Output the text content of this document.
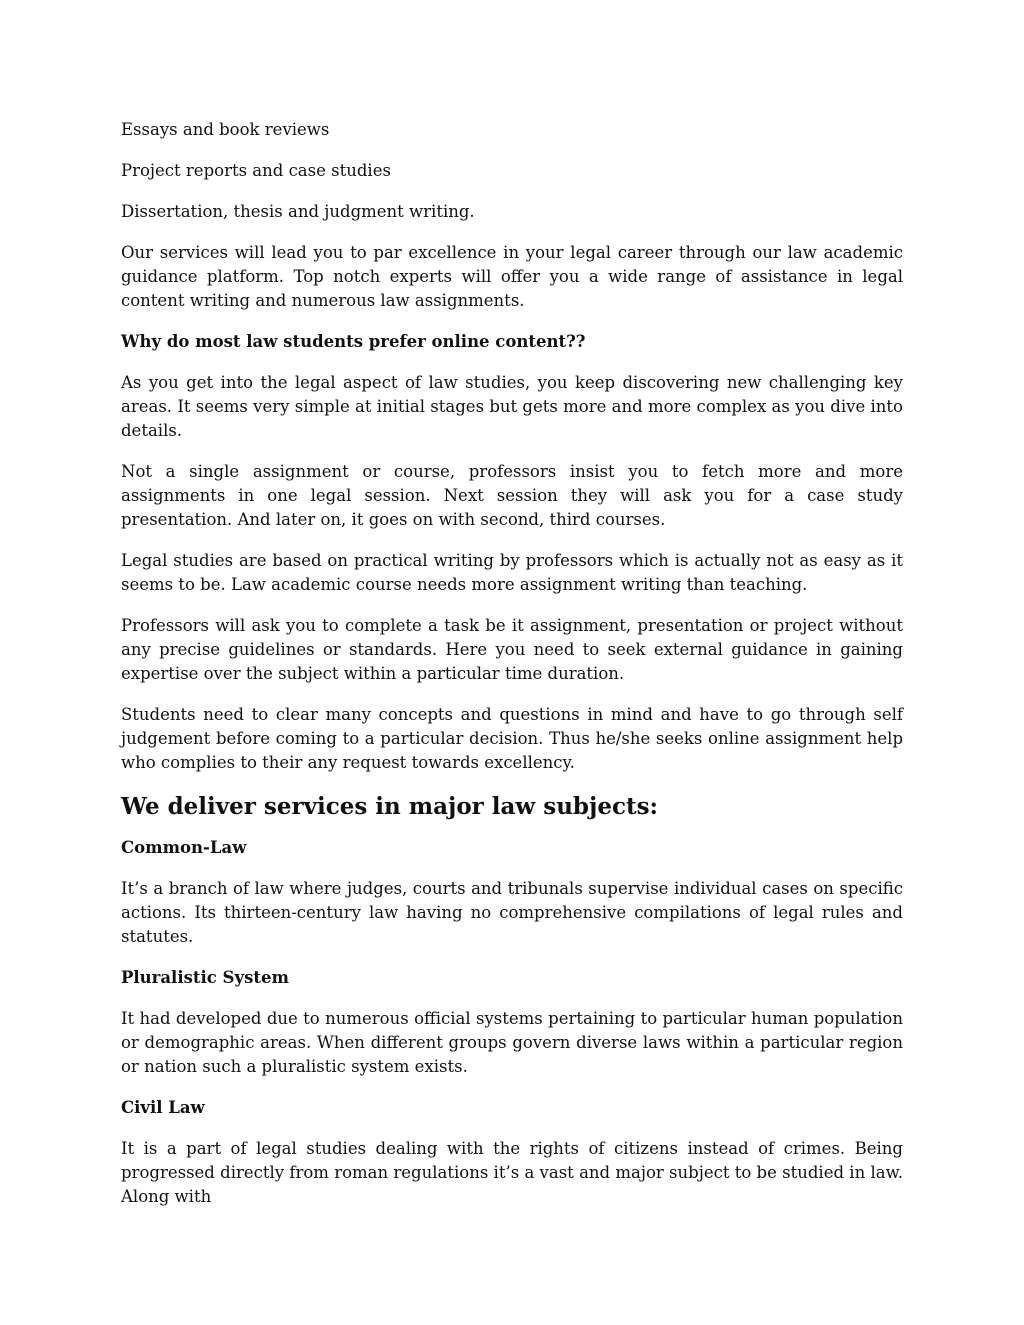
Essays and book reviews

Project reports and case studies

Dissertation, thesis and judgment writing.

Our services will lead you to par excellence in your legal career through our law academic guidance platform. Top notch experts will offer you a wide range of assistance in legal content writing and numerous law assignments.

Why do most law students prefer online content??

As you get into the legal aspect of law studies, you keep discovering new challenging key areas. It seems very simple at initial stages but gets more and more complex as you dive into details.

Not a single assignment or course, professors insist you to fetch more and more assignments in one legal session. Next session they will ask you for a case study presentation. And later on, it goes on with second, third courses.

Legal studies are based on practical writing by professors which is actually not as easy as it seems to be. Law academic course needs more assignment writing than teaching.

Professors will ask you to complete a task be it assignment, presentation or project without any precise guidelines or standards. Here you need to seek external guidance in gaining expertise over the subject within a particular time duration.

Students need to clear many concepts and questions in mind and have to go through self judgement before coming to a particular decision. Thus he/she seeks online assignment help who complies to their any request towards excellency.

We deliver services in major law subjects:

Common-Law

It’s a branch of law where judges, courts and tribunals supervise individual cases on specific actions. Its thirteen-century law having no comprehensive compilations of legal rules and statutes.

Pluralistic System

It had developed due to numerous official systems pertaining to particular human population or demographic areas. When different groups govern diverse laws within a particular region or nation such a pluralistic system exists.

Civil Law

It is a part of legal studies dealing with the rights of citizens instead of crimes. Being progressed directly from roman regulations it’s a vast and major subject to be studied in law. Along with
